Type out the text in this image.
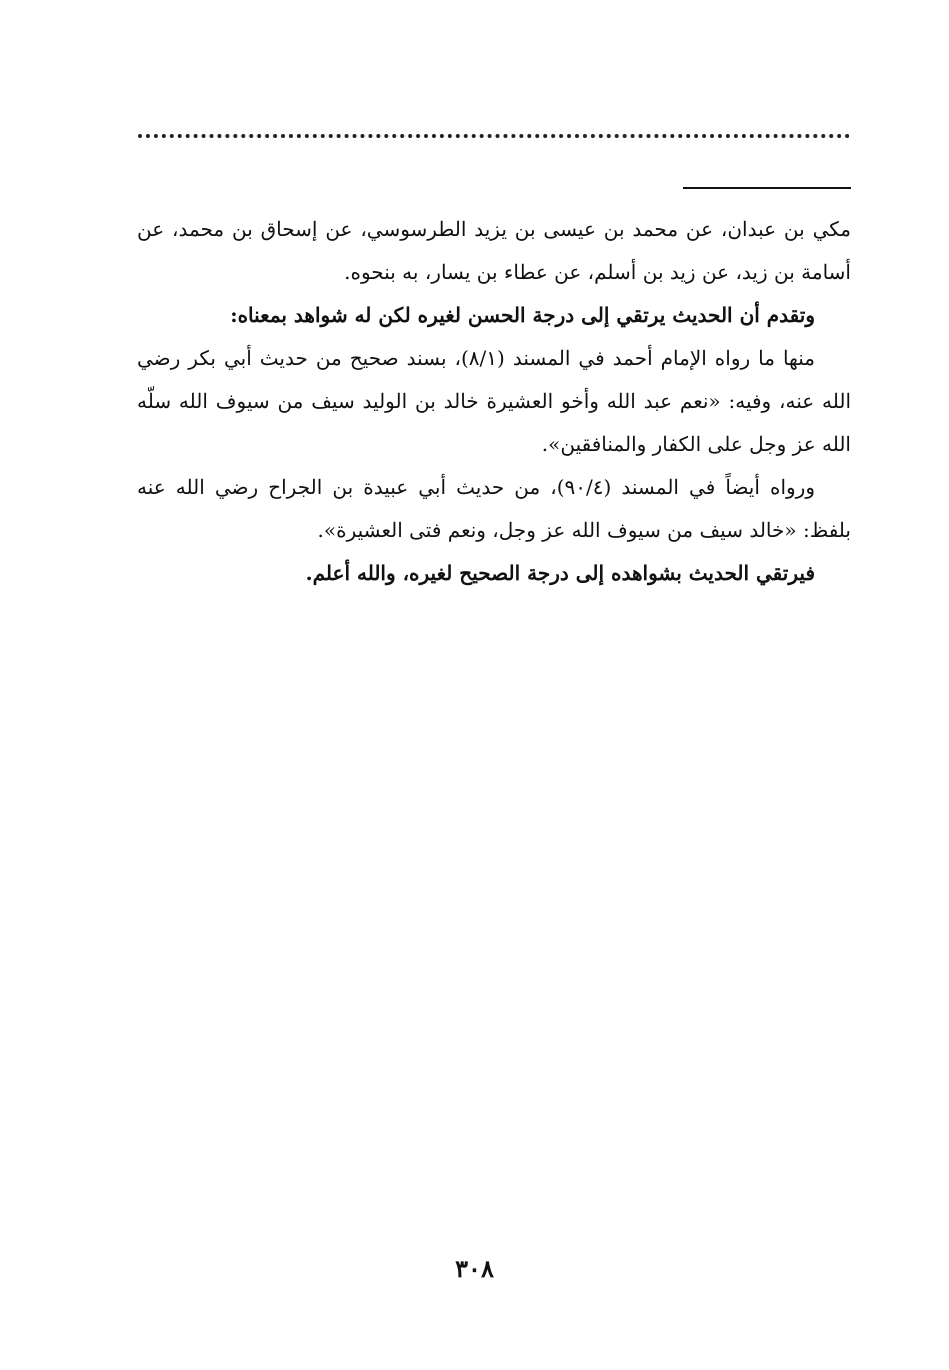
مكي بن عبدان، عن محمد بن عيسى بن يزيد الطرسوسي، عن إسحاق بن محمد، عن أسامة بن زيد، عن زيد بن أسلم، عن عطاء بن يسار، به بنحوه.

وتقدم أن الحديث يرتقي إلى درجة الحسن لغيره لكن له شواهد بمعناه:

منها ما رواه الإمام أحمد في المسند (٨/١)، بسند صحيح من حديث أبي بكر رضي الله عنه، وفيه: «نعم عبد الله وأخو العشيرة خالد بن الوليد سيف من سيوف الله سلّه الله عز وجل على الكفار والمنافقين».

ورواه أيضاً في المسند (٩٠/٤)، من حديث أبي عبيدة بن الجراح رضي الله عنه بلفظ: «خالد سيف من سيوف الله عز وجل، ونعم فتى العشيرة».

فيرتقي الحديث بشواهده إلى درجة الصحيح لغيره، والله أعلم.

٣٠٨
